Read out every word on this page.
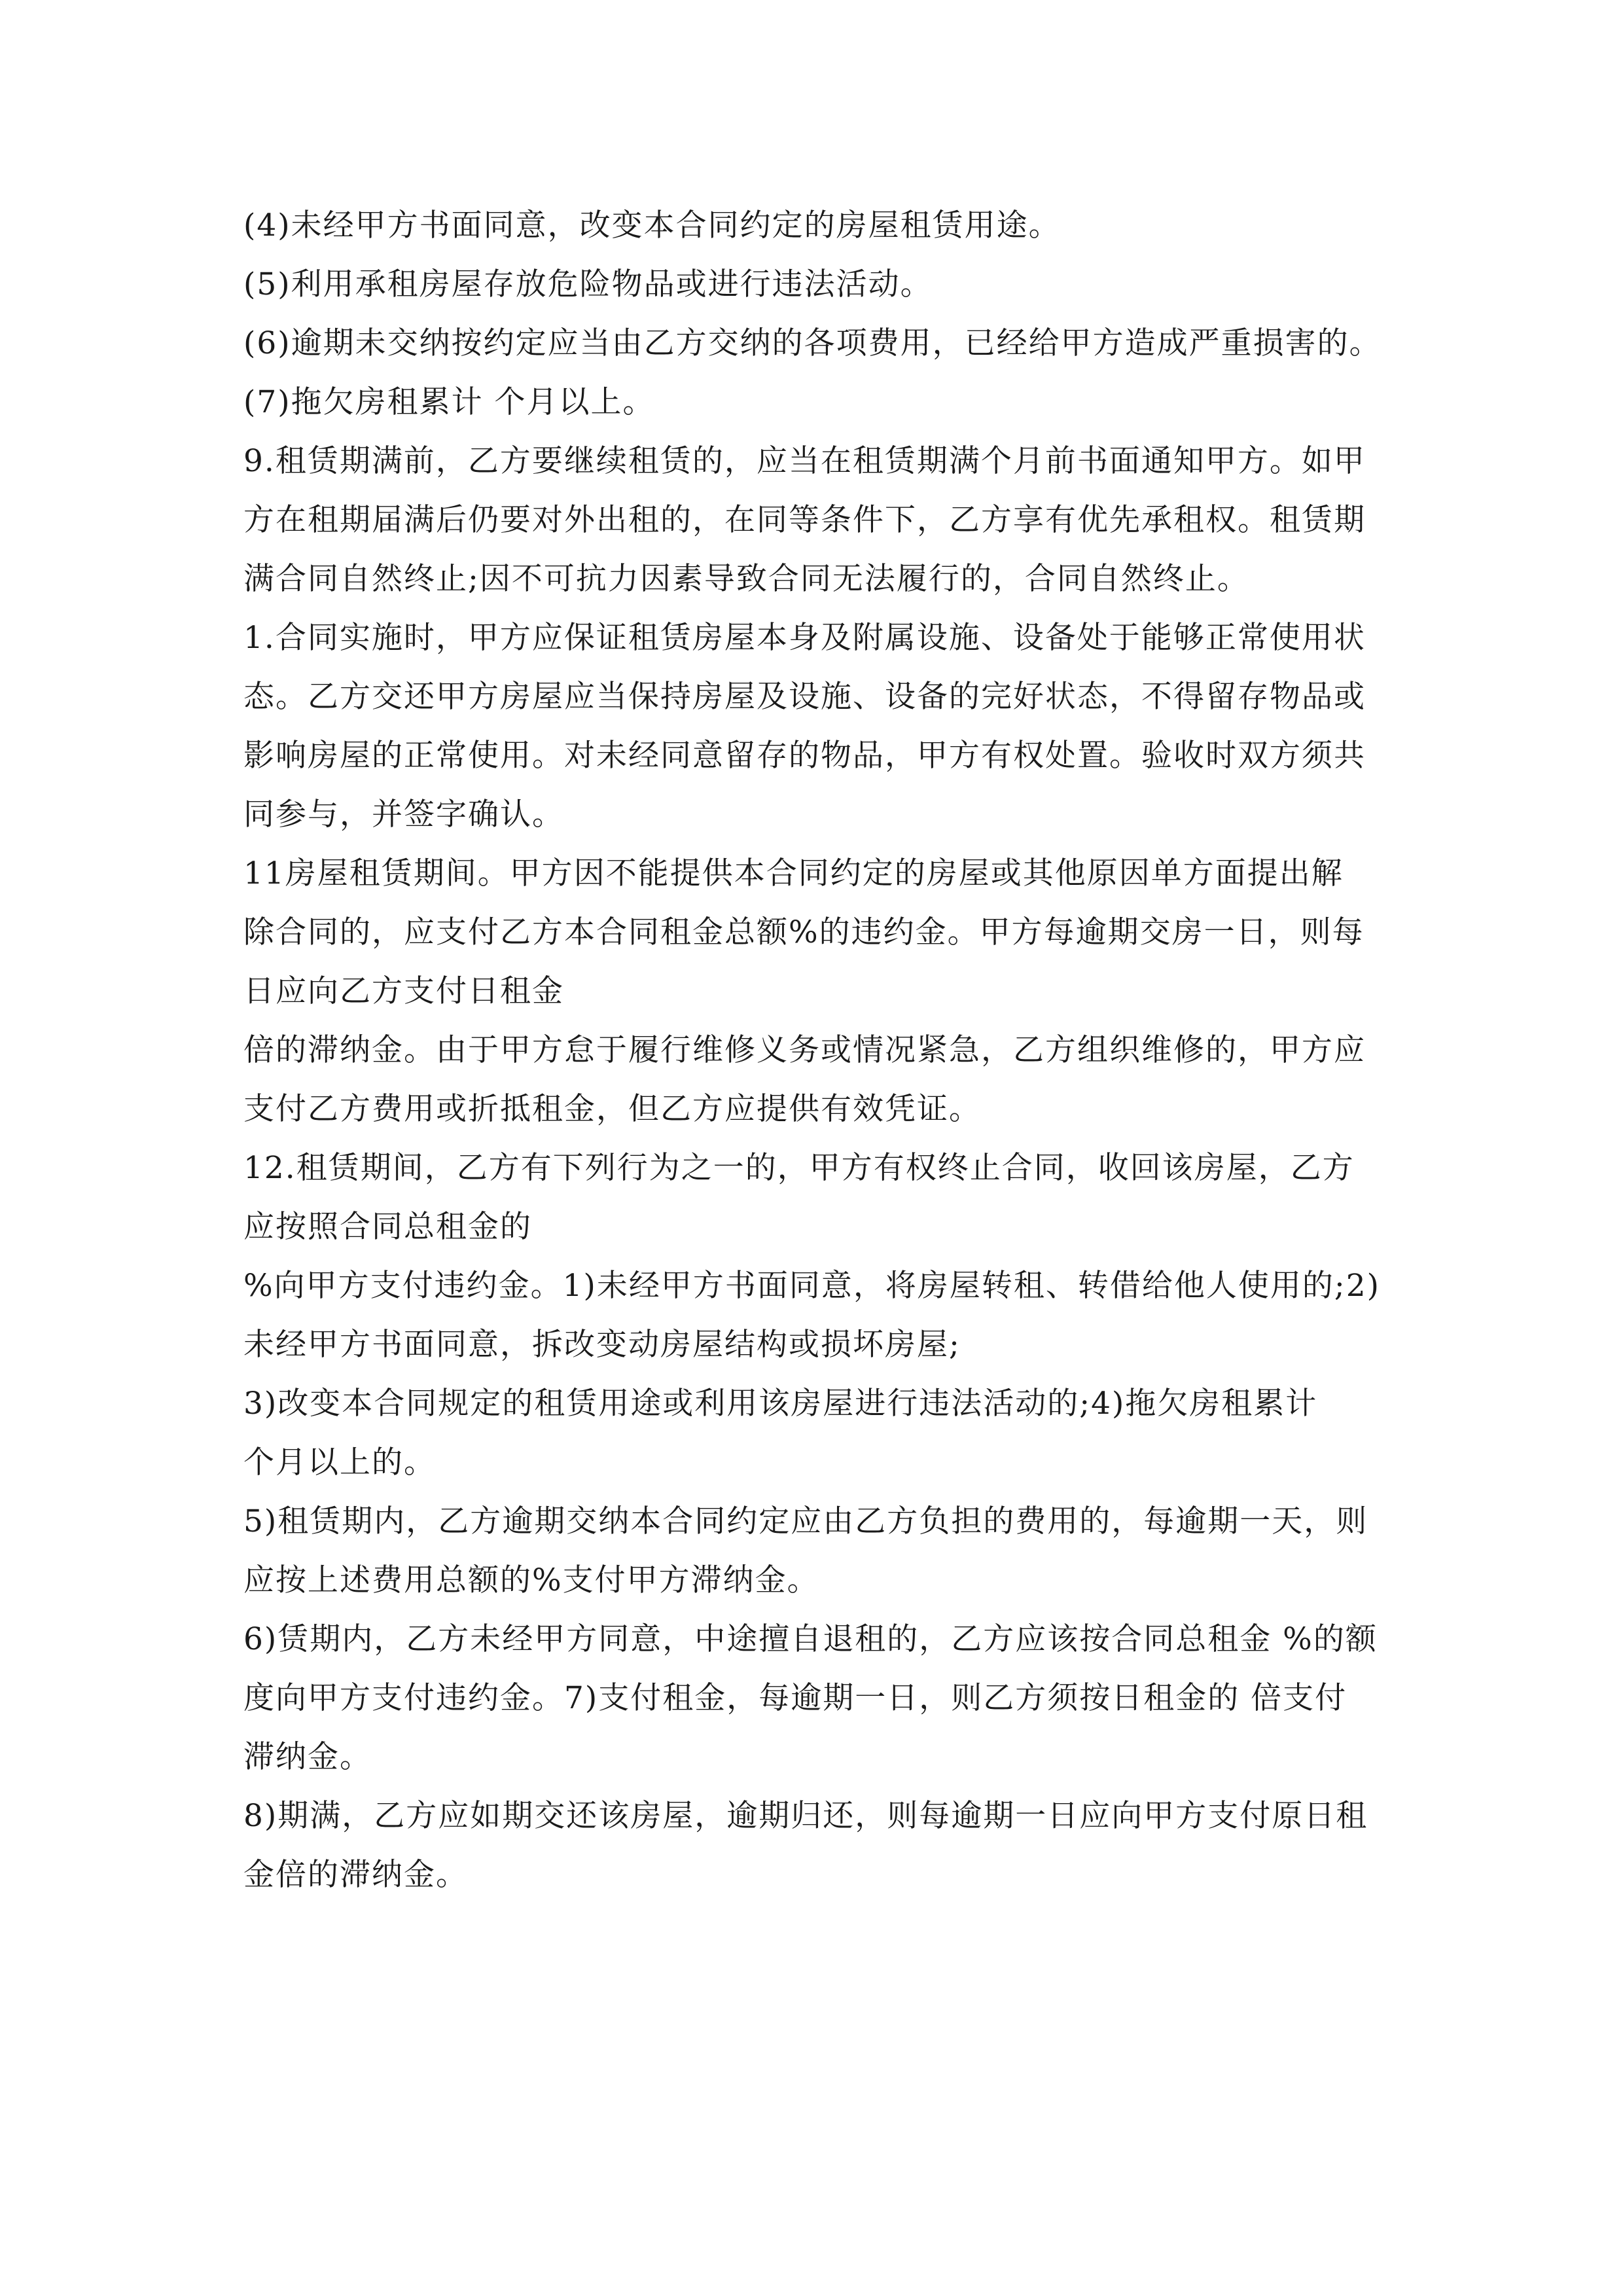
(4)未经甲方书面同意，改变本合同约定的房屋租赁用途。
(5)利用承租房屋存放危险物品或进行违法活动。
(6)逾期未交纳按约定应当由乙方交纳的各项费用，已经给甲方造成严重损害的。
(7)拖欠房租累计 个月以上。
9.租赁期满前，乙方要继续租赁的，应当在租赁期满个月前书面通知甲方。如甲
方在租期届满后仍要对外出租的，在同等条件下，乙方享有优先承租权。租赁期
满合同自然终止;因不可抗力因素导致合同无法履行的，合同自然终止。
1.合同实施时，甲方应保证租赁房屋本身及附属设施、设备处于能够正常使用状
态。乙方交还甲方房屋应当保持房屋及设施、设备的完好状态，不得留存物品或
影响房屋的正常使用。对未经同意留存的物品，甲方有权处置。验收时双方须共
同参与，并签字确认。
11房屋租赁期间。甲方因不能提供本合同约定的房屋或其他原因单方面提出解
除合同的，应支付乙方本合同租金总额%的违约金。甲方每逾期交房一日，则每
日应向乙方支付日租金
倍的滞纳金。由于甲方怠于履行维修义务或情况紧急，乙方组织维修的，甲方应
支付乙方费用或折抵租金，但乙方应提供有效凭证。
12.租赁期间，乙方有下列行为之一的，甲方有权终止合同，收回该房屋，乙方
应按照合同总租金的
%向甲方支付违约金。1)未经甲方书面同意，将房屋转租、转借给他人使用的;2)
未经甲方书面同意，拆改变动房屋结构或损坏房屋;
3)改变本合同规定的租赁用途或利用该房屋进行违法活动的;4)拖欠房租累计
个月以上的。
5)租赁期内，乙方逾期交纳本合同约定应由乙方负担的费用的，每逾期一天，则
应按上述费用总额的%支付甲方滞纳金。
6)赁期内，乙方未经甲方同意，中途擅自退租的，乙方应该按合同总租金 %的额
度向甲方支付违约金。7)支付租金，每逾期一日，则乙方须按日租金的 倍支付
滞纳金。
8)期满，乙方应如期交还该房屋，逾期归还，则每逾期一日应向甲方支付原日租
金倍的滞纳金。
